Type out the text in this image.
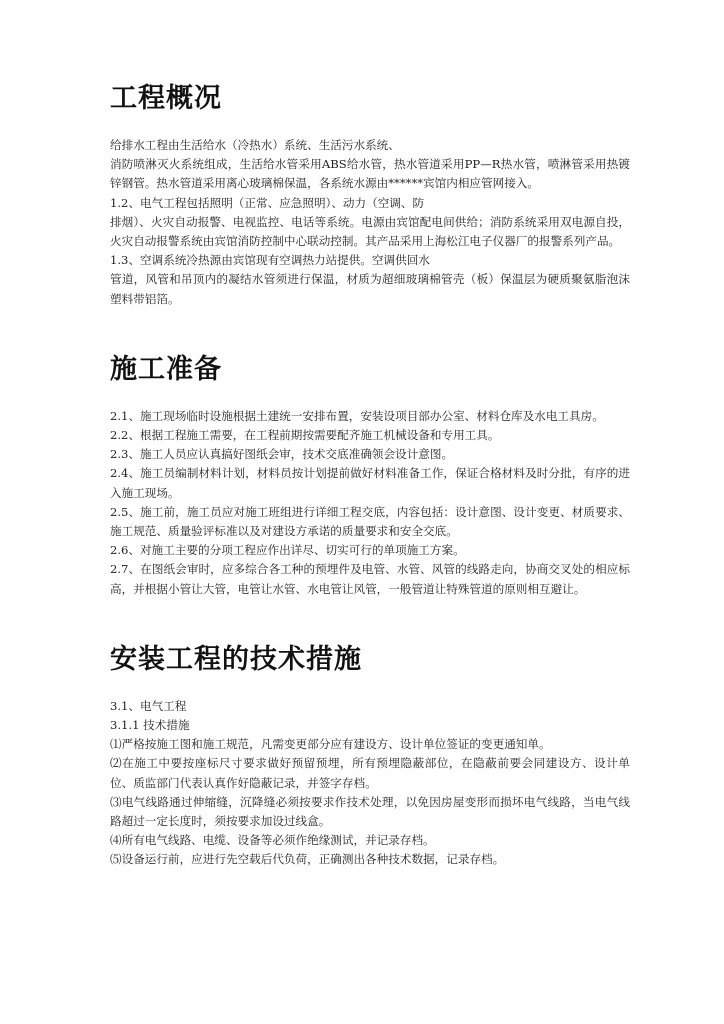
工程概况

给排水工程由生活给水（冷热水）系统、生活污水系统、

消防喷淋灭火系统组成，生活给水管采用ABS给水管，热水管道采用PP—R热水管，喷淋管采用热镀锌钢管。热水管道采用离心玻璃棉保温，各系统水源由******宾馆内相应管网接入。

1.2、电气工程包括照明（正常、应急照明）、动力（空调、防

排烟）、火灾自动报警、电视监控、电话等系统。电源由宾馆配电间供给；消防系统采用双电源自投，火灾自动报警系统由宾馆消防控制中心联动控制。其产品采用上海松江电子仪器厂的报警系列产品。

1.3、空调系统冷热源由宾馆现有空调热力站提供。空调供回水

管道，风管和吊顶内的凝结水管须进行保温，材质为超细玻璃棉管壳（板）保温层为硬质聚氨脂泡沫塑料带铝箔。

施工准备

2.1、施工现场临时设施根据土建统一安排布置，安装设项目部办公室、材料仓库及水电工具房。

2.2、根据工程施工需要，在工程前期按需要配齐施工机械设备和专用工具。

2.3、施工人员应认真搞好图纸会审，技术交底准确领会设计意图。

2.4、施工员编制材料计划，材料员按计划提前做好材料准备工作，保证合格材料及时分批，有序的进入施工现场。

2.5、施工前，施工员应对施工班组进行详细工程交底，内容包括：设计意图、设计变更、材质要求、施工规范、质量验评标准以及对建设方承诺的质量要求和安全交底。

2.6、对施工主要的分项工程应作出详尽、切实可行的单项施工方案。

2.7、在图纸会审时，应多综合各工种的预埋件及电管、水管、风管的线路走向，协商交叉处的相应标高，并根据小管让大管，电管让水管、水电管让风管，一般管道让特殊管道的原则相互避让。

安装工程的技术措施

3.1、电气工程

3.1.1 技术措施

⑴严格按施工图和施工规范，凡需变更部分应有建设方、设计单位签证的变更通知单。

⑵在施工中要按座标尺寸要求做好预留预埋，所有预埋隐蔽部位，在隐蔽前要会同建设方、设计单位、质监部门代表认真作好隐蔽记录，并签字存档。

⑶电气线路通过伸缩缝，沉降缝必须按要求作技术处理，以免因房屋变形而损坏电气线路，当电气线路超过一定长度时，须按要求加设过线盒。

⑷所有电气线路、电缆、设备等必须作绝缘测试，并记录存档。

⑸设备运行前，应进行先空载后代负荷，正确测出各种技术数据，记录存档。
